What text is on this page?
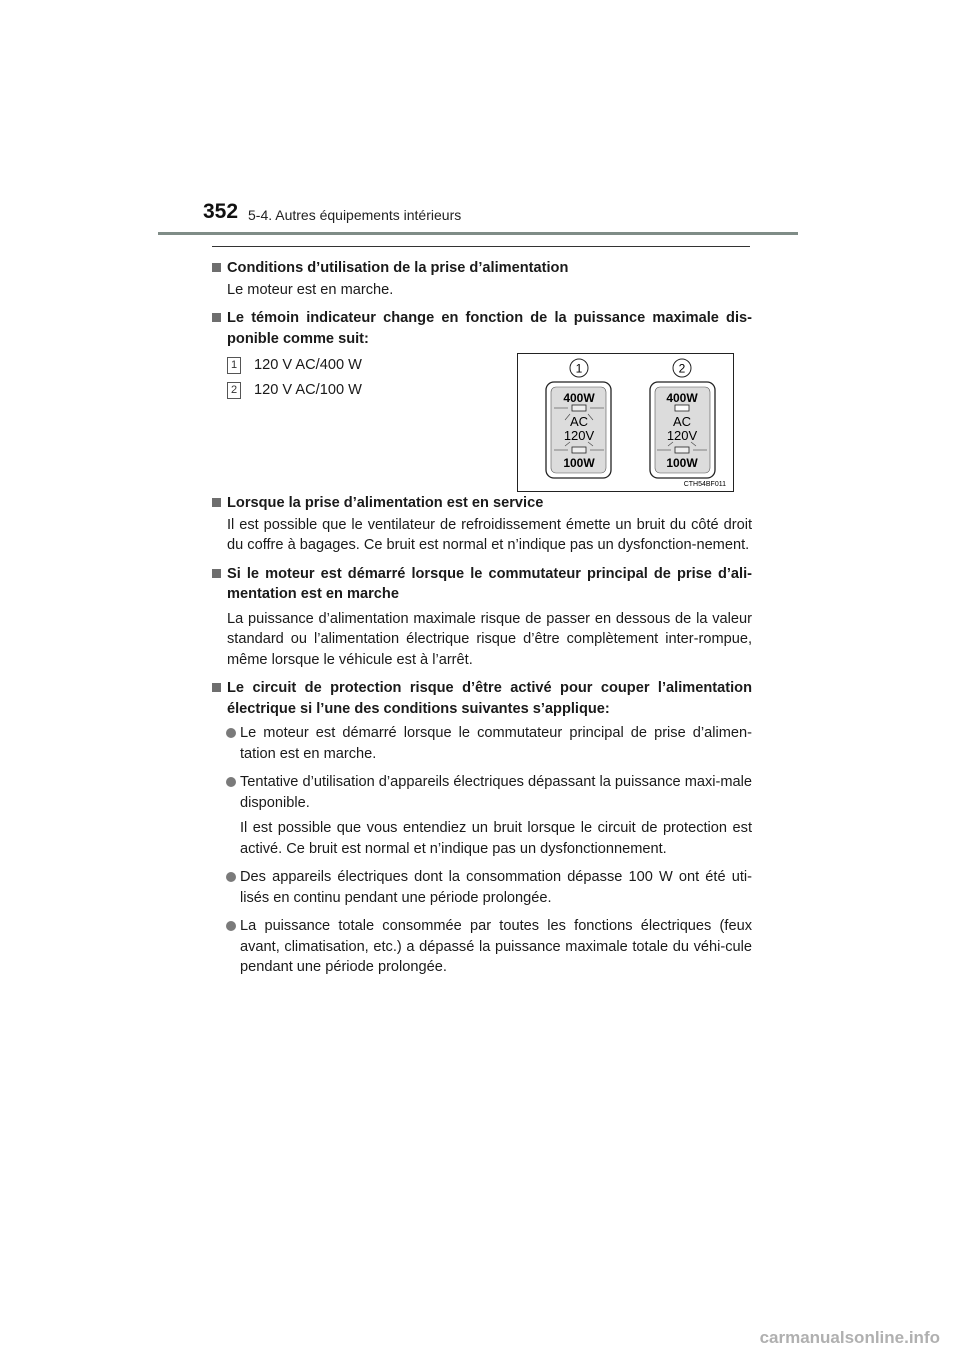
352 5-4. Autres équipements intérieurs
Conditions d’utilisation de la prise d’alimentation
Le moteur est en marche.
Le témoin indicateur change en fonction de la puissance maximale dis-ponible comme suit:
1 120 V AC/400 W
2 120 V AC/100 W
Lorsque la prise d’alimentation est en service
Il est possible que le ventilateur de refroidissement émette un bruit du côté droit du coffre à bagages. Ce bruit est normal et n’indique pas un dysfonction-nement.
Si le moteur est démarré lorsque le commutateur principal de prise d’ali-mentation est en marche
La puissance d’alimentation maximale risque de passer en dessous de la valeur standard ou l’alimentation électrique risque d’être complètement inter-rompue, même lorsque le véhicule est à l’arrêt.
Le circuit de protection risque d’être activé pour couper l’alimentation électrique si l’une des conditions suivantes s’applique:
Le moteur est démarré lorsque le commutateur principal de prise d’alimen-tation est en marche.
Tentative d’utilisation d’appareils électriques dépassant la puissance maxi-male disponible.
Il est possible que vous entendiez un bruit lorsque le circuit de protection est activé. Ce bruit est normal et n’indique pas un dysfonctionnement.
Des appareils électriques dont la consommation dépasse 100 W ont été uti-lisés en continu pendant une période prolongée.
La puissance totale consommée par toutes les fonctions électriques (feux avant, climatisation, etc.) a dépassé la puissance maximale totale du véhi-cule pendant une période prolongée.
1	2
400W
AC
120V
100W
400W
AC
120V
100W
CTH54BF011
carmanualsonline.info
